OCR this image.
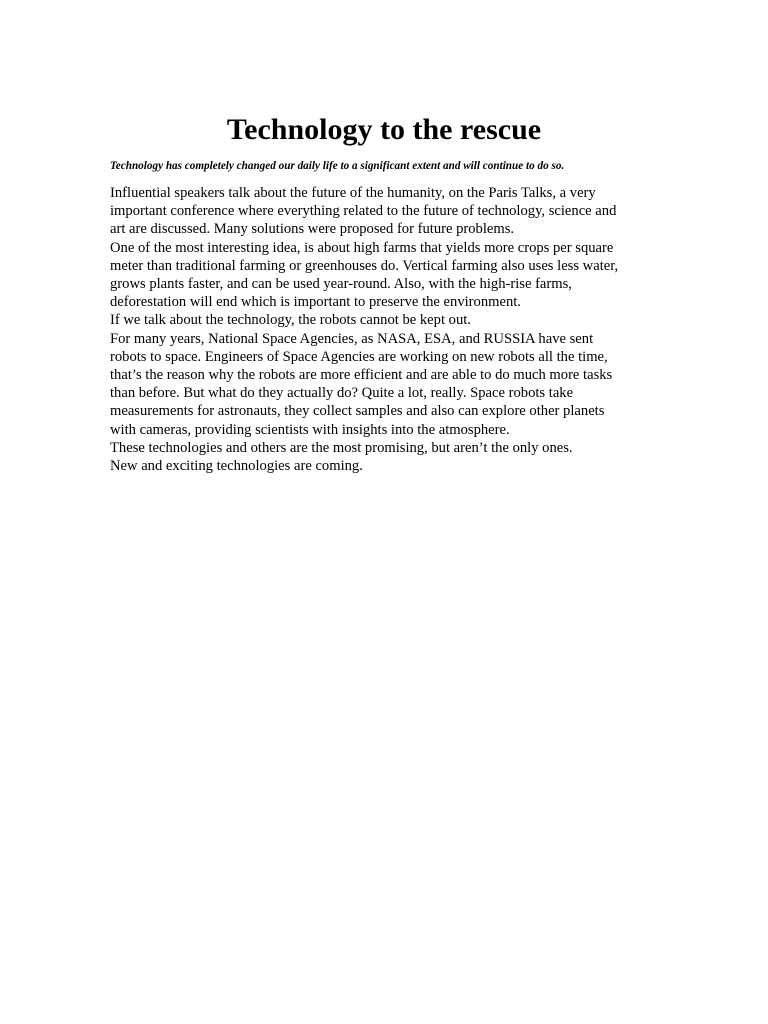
Technology to the rescue

Technology has completely changed our daily life to a significant extent and will continue to do so.

Influential speakers talk about the future of the humanity, on the Paris Talks, a very
important conference where everything related to the future of technology, science and
art are discussed. Many solutions were proposed for future problems.
One of the most interesting idea, is about high farms that yields more crops per square
meter than traditional farming or greenhouses do. Vertical farming also uses less water,
grows plants faster, and can be used year-round. Also, with the high-rise farms,
deforestation will end which is important to preserve the environment.
If we talk about the technology, the robots cannot be kept out.
For many years, National Space Agencies, as NASA, ESA, and RUSSIA have sent
robots to space. Engineers of Space Agencies are working on new robots all the time,
that’s the reason why the robots are more efficient and are able to do much more tasks
than before. But what do they actually do? Quite a lot, really. Space robots take
measurements for astronauts, they collect samples and also can explore other planets
with cameras, providing scientists with insights into the atmosphere.
These technologies and others are the most promising, but aren’t the only ones.
New and exciting technologies are coming.
